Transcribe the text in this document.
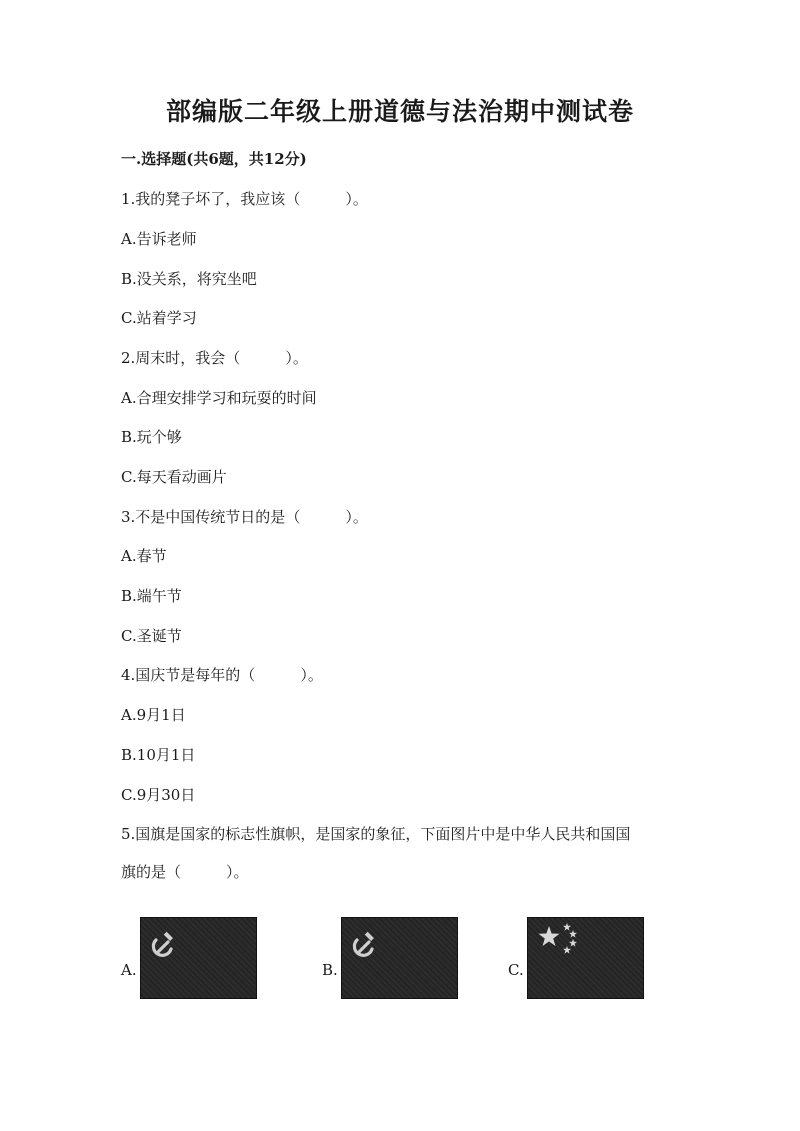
部编版二年级上册道德与法治期中测试卷
一.选择题(共6题，共12分)
1.我的凳子坏了，我应该（　　　）。
A.告诉老师
B.没关系，将究坐吧
C.站着学习
2.周末时，我会（　　　）。
A.合理安排学习和玩耍的时间
B.玩个够
C.每天看动画片
3.不是中国传统节日的是（　　　）。
A.春节
B.端午节
C.圣诞节
4.国庆节是每年的（　　　）。
A.9月1日
B.10月1日
C.9月30日
5.国旗是国家的标志性旗帜，是国家的象征，下面图片中是中华人民共和国国
旗的是（　　　）。
A.	B.	C.
